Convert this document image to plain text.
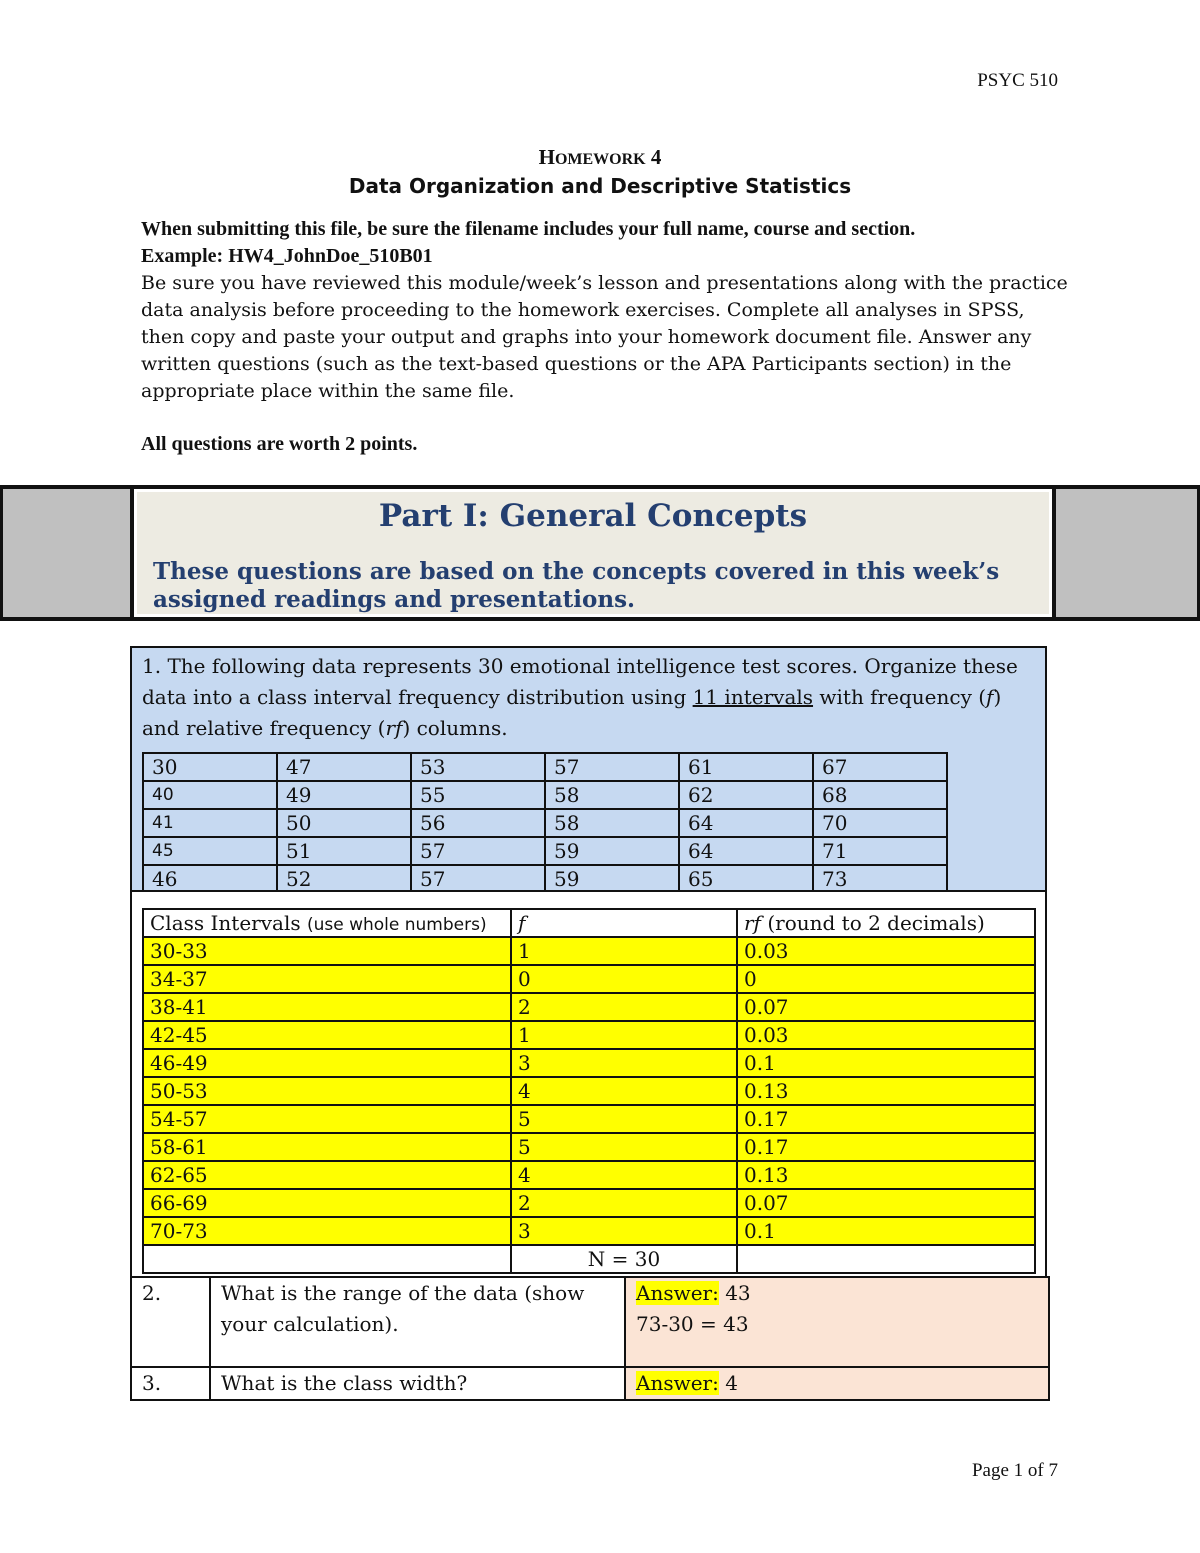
PSYC 510
HOMEWORK 4
Data Organization and Descriptive Statistics
When submitting this file, be sure the filename includes your full name, course and section.
Example: HW4_JohnDoe_510B01
Be sure you have reviewed this module/week’s lesson and presentations along with the practice data analysis before proceeding to the homework exercises. Complete all analyses in SPSS, then copy and paste your output and graphs into your homework document file. Answer any written questions (such as the text-based questions or the APA Participants section) in the appropriate place within the same file.
All questions are worth 2 points.
Part I: General Concepts
These questions are based on the concepts covered in this week’s assigned readings and presentations.
1. The following data represents 30 emotional intelligence test scores. Organize these data into a class interval frequency distribution using 11 intervals with frequency (f) and relative frequency (rf) columns.
30	47	53	57	61	67
40	49	55	58	62	68
41	50	56	58	64	70
45	51	57	59	64	71
46	52	57	59	65	73
Class Intervals (use whole numbers)	f	rf (round to 2 decimals)
30-33	1	0.03
34-37	0	0
38-41	2	0.07
42-45	1	0.03
46-49	3	0.1
50-53	4	0.13
54-57	5	0.17
58-61	5	0.17
62-65	4	0.13
66-69	2	0.07
70-73	3	0.1
	N = 30	
2.	What is the range of the data (show your calculation).	Answer: 43
73-30 = 43

3.	What is the class width?	Answer: 4
Page 1 of 7
